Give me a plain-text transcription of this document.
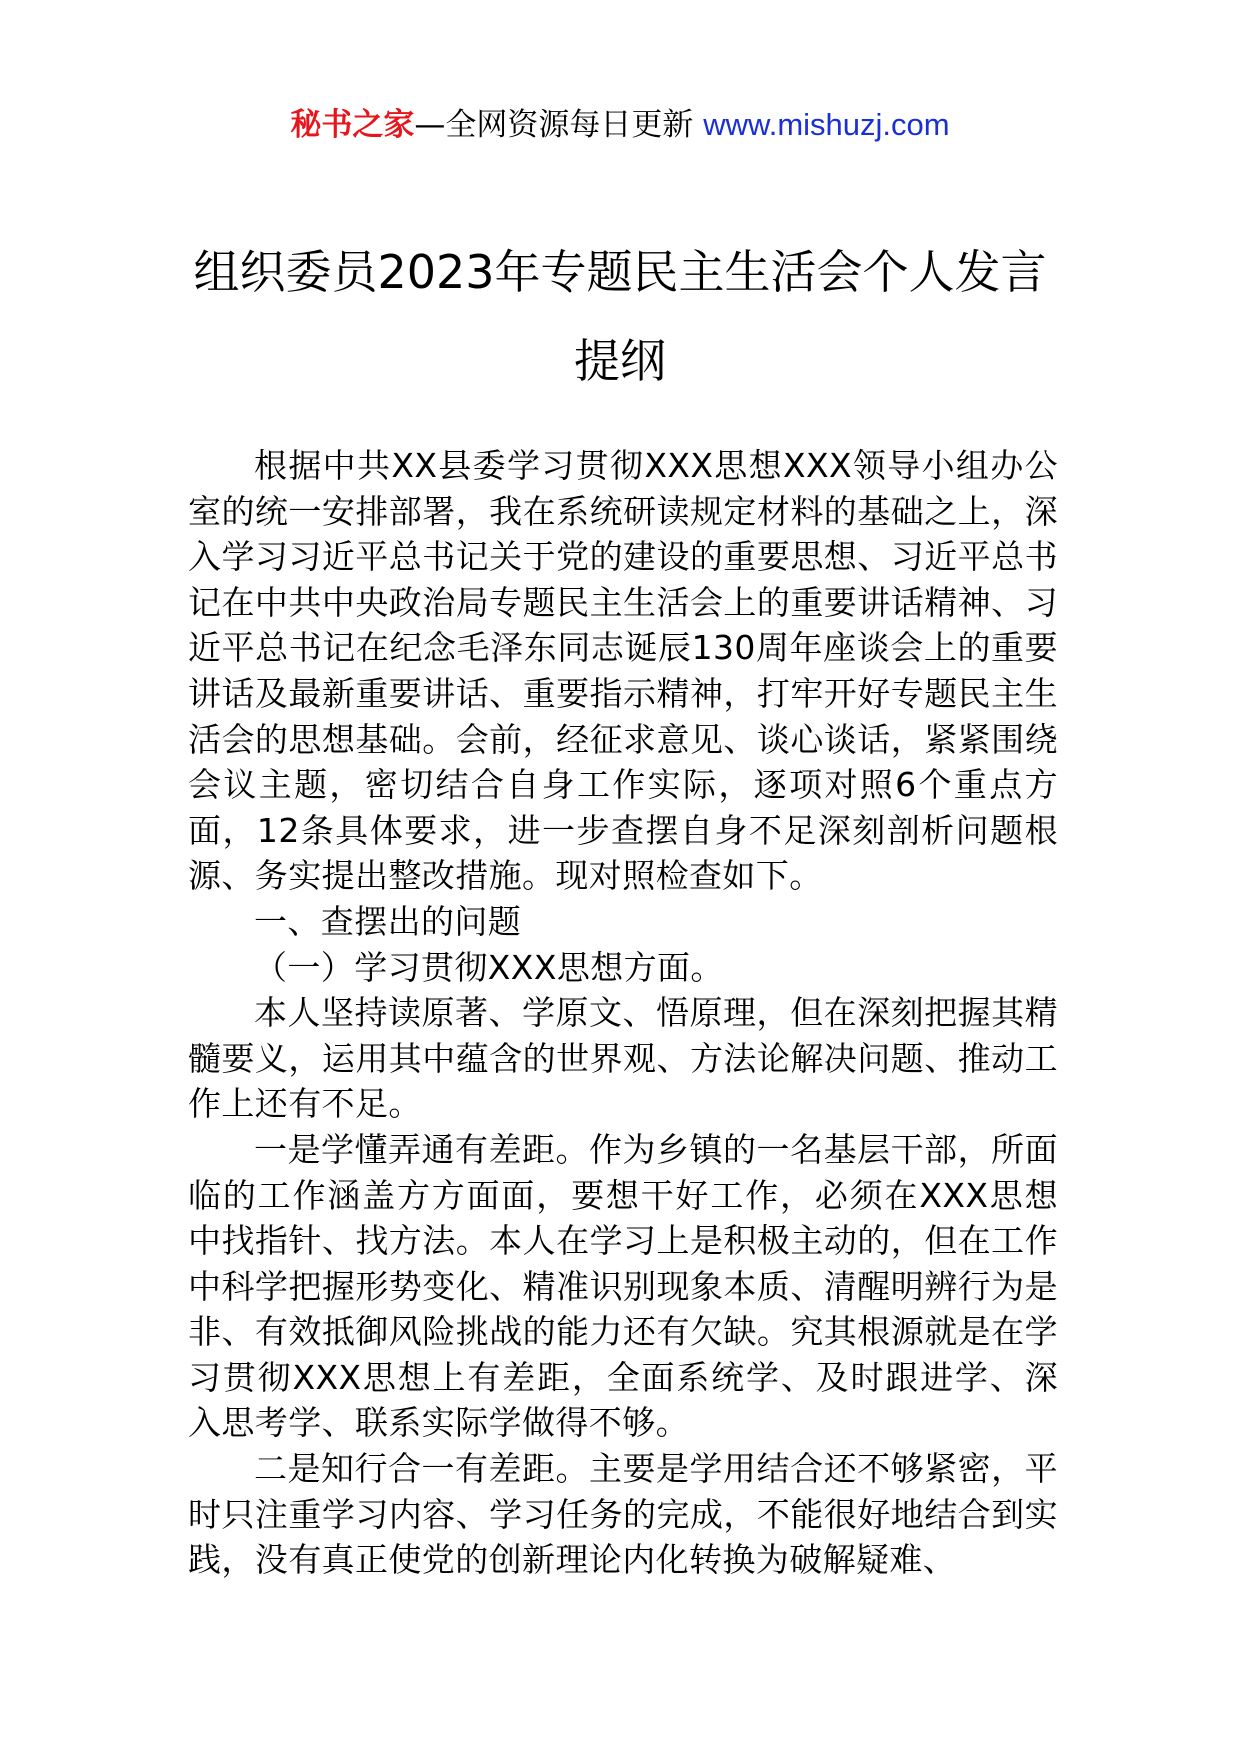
秘书之家—全网资源每日更新 www.mishuzj.com
组织委员2023年专题民主生活会个人发言
提纲

根据中共XX县委学习贯彻XXX思想XXX领导小组办公室的统一安排部署，我在系统研读规定材料的基础之上，深入学习习近平总书记关于党的建设的重要思想、习近平总书记在中共中央政治局专题民主生活会上的重要讲话精神、习近平总书记在纪念毛泽东同志诞辰130周年座谈会上的重要讲话及最新重要讲话、重要指示精神，打牢开好专题民主生活会的思想基础。会前，经征求意见、谈心谈话，紧紧围绕会议主题，密切结合自身工作实际，逐项对照6个重点方面，12条具体要求，进一步查摆自身不足深刻剖析问题根源、务实提出整改措施。现对照检查如下。

一、查摆出的问题

（一）学习贯彻XXX思想方面。

本人坚持读原著、学原文、悟原理，但在深刻把握其精髓要义，运用其中蕴含的世界观、方法论解决问题、推动工作上还有不足。

一是学懂弄通有差距。作为乡镇的一名基层干部，所面临的工作涵盖方方面面，要想干好工作，必须在XXX思想中找指针、找方法。本人在学习上是积极主动的，但在工作中科学把握形势变化、精准识别现象本质、清醒明辨行为是非、有效抵御风险挑战的能力还有欠缺。究其根源就是在学习贯彻XXX思想上有差距，全面系统学、及时跟进学、深入思考学、联系实际学做得不够。

二是知行合一有差距。主要是学用结合还不够紧密，平时只注重学习内容、学习任务的完成，不能很好地结合到实践，没有真正使党的创新理论内化转换为破解疑难、
